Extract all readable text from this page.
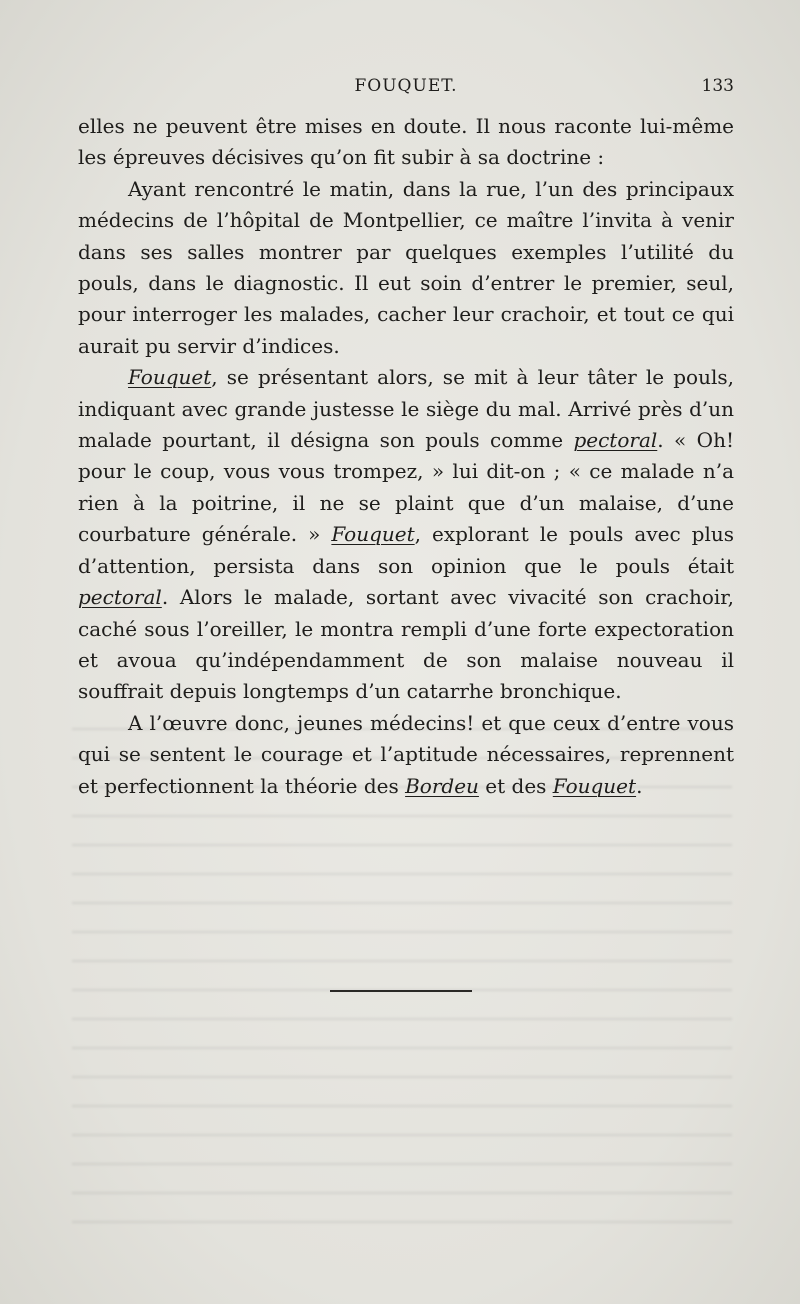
FOUQUET.	133

elles ne peuvent être mises en doute. Il nous raconte lui-même les épreuves décisives qu’on fit subir à sa doctrine :

Ayant rencontré le matin, dans la rue, l’un des principaux médecins de l’hôpital de Montpellier, ce maître l’invita à venir dans ses salles montrer par quelques exemples l’utilité du pouls, dans le diagnostic. Il eut soin d’entrer le premier, seul, pour interroger les malades, cacher leur crachoir, et tout ce qui aurait pu servir d’indices.

Fouquet, se présentant alors, se mit à leur tâter le pouls, indiquant avec grande justesse le siège du mal. Arrivé près d’un malade pourtant, il désigna son pouls comme pectoral. « Oh! pour le coup, vous vous trompez, » lui dit-on ; « ce malade n’a rien à la poitrine, il ne se plaint que d’un malaise, d’une courbature générale. » Fouquet, explorant le pouls avec plus d’attention, persista dans son opinion que le pouls était pectoral. Alors le malade, sortant avec vivacité son crachoir, caché sous l’oreiller, le montra rempli d’une forte expectoration et avoua qu’indépendamment de son malaise nouveau il souffrait depuis longtemps d’un catarrhe bronchique.

A l’œuvre donc, jeunes médecins! et que ceux d’entre vous qui se sentent le courage et l’aptitude nécessaires, reprennent et perfectionnent la théorie des Bordeu et des Fouquet.
